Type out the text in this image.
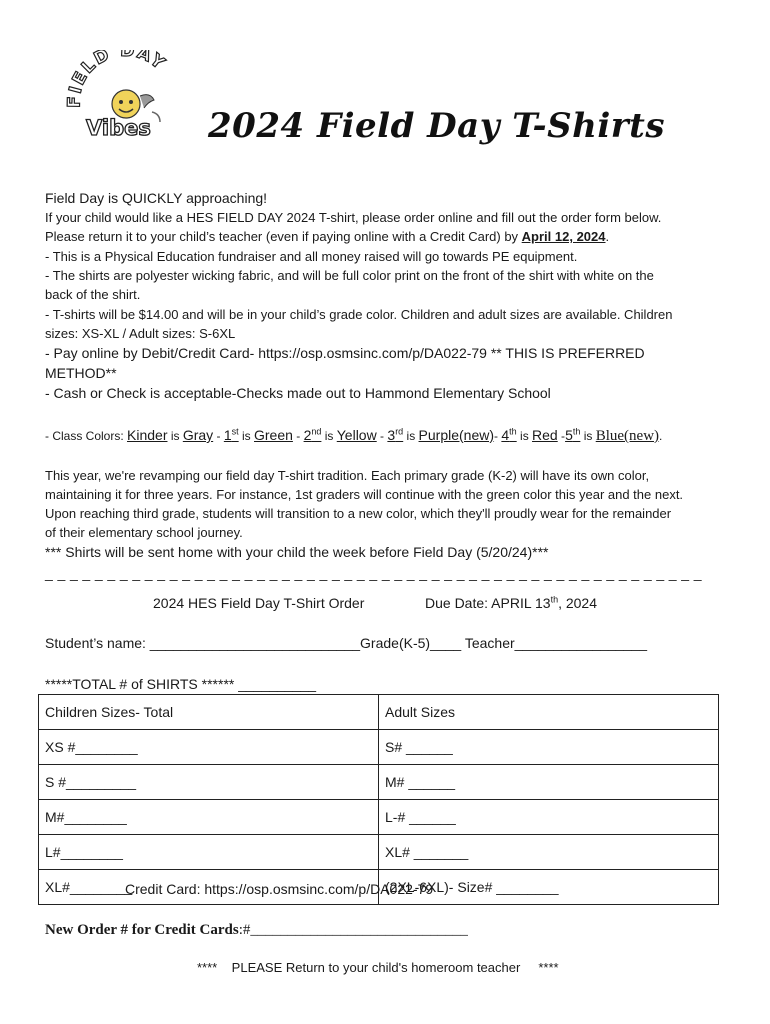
FIELD DAY
Vibes 2024 Field Day T-Shirts
Field Day is QUICKLY approaching!
If your child would like a HES FIELD DAY 2024 T-shirt, please order online and fill out the order form below.
Please return it to your child’s teacher (even if paying online with a Credit Card) by April 12, 2024.
- This is a Physical Education fundraiser and all money raised will go towards PE equipment.
- The shirts are polyester wicking fabric, and will be full color print on the front of the shirt with white on the
back of the shirt.
- T-shirts will be $14.00 and will be in your child’s grade color. Children and adult sizes are available. Children
sizes: XS-XL / Adult sizes: S-6XL
- Pay online by Debit/Credit Card- https://osp.osmsinc.com/p/DA022-79 ** THIS IS PREFERRED
METHOD**
- Cash or Check is acceptable-Checks made out to Hammond Elementary School
- Class Colors: Kinder is Gray - 1st is Green - 2nd is Yellow - 3rd is Purple(new)- 4th is Red -5th is Blue(new).
This year, we're revamping our field day T-shirt tradition. Each primary grade (K-2) will have its own color,
maintaining it for three years. For instance, 1st graders will continue with the green color this year and the next.
Upon reaching third grade, students will transition to a new color, which they'll proudly wear for the remainder
of their elementary school journey.
*** Shirts will be sent home with your child the week before Field Day (5/20/24)***
_ _ _ _ _ _ _ _ _ _ _ _ _ _ _ _ _ _ _ _ _ _ _ _ _ _ _ _ _ _ _ _ _ _ _ _ _ _ _ _ _ _ _ _ _ _ _ _ _ _ _ _ _
2024 HES Field Day T-Shirt Order	Due Date: APRIL 13th, 2024
Student’s name: ___________________________Grade(K-5)____ Teacher_________________
*****TOTAL # of SHIRTS ****** __________
Children Sizes- Total	Adult Sizes
XS #________	S# ______
S #_________	M# ______
M#________	L-# ______
L#________	XL# _______
XL#________	(2XL-6XL)- Size# ________
Credit Card: https://osp.osmsinc.com/p/DA022-79
New Order # for Credit Cards:#_____________________________
****    PLEASE Return to your child's homeroom teacher     ****
